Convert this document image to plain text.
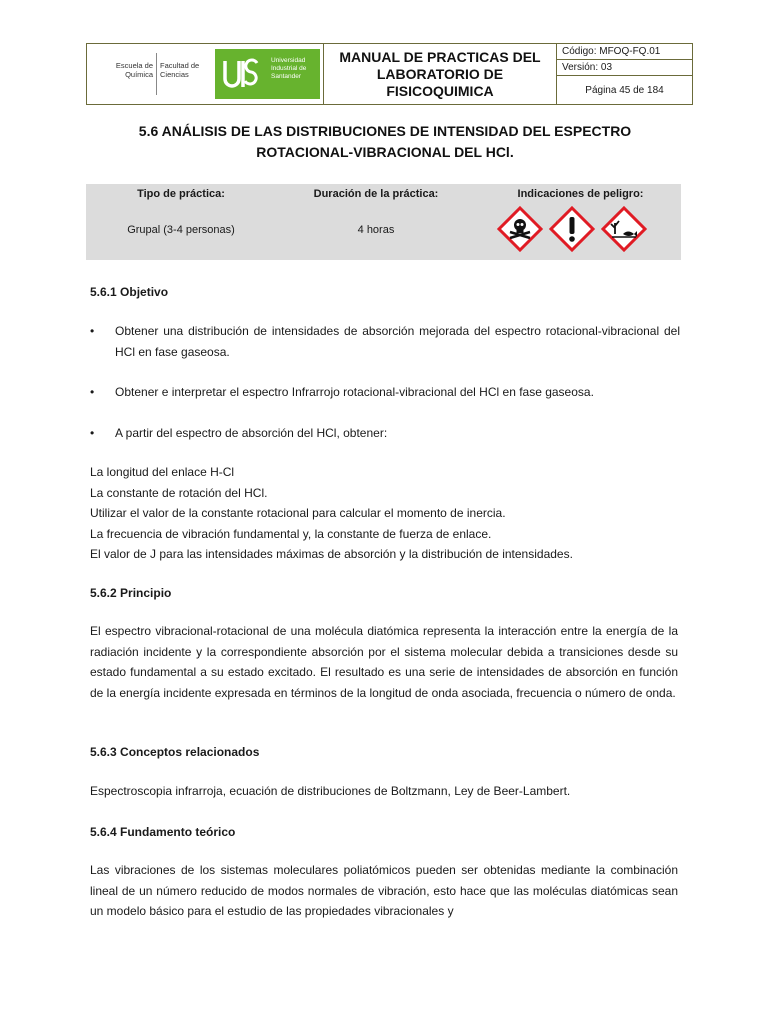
Escuela de Química
Facultad de Ciencias
Universidad Industrial de Santander
MANUAL DE PRACTICAS DEL LABORATORIO DE FISICOQUIMICA
Código: MFOQ-FQ.01
Versión: 03
Página 45 de 184
5.6 ANÁLISIS DE LAS DISTRIBUCIONES DE INTENSIDAD DEL ESPECTRO ROTACIONAL-VIBRACIONAL DEL HCl.
Tipo de práctica:
Grupal (3-4 personas)
Duración de la práctica:
4 horas
Indicaciones de peligro:
5.6.1 Objetivo
• Obtener una distribución de intensidades de absorción mejorada del espectro rotacional-vibracional del HCl en fase gaseosa.
• Obtener e interpretar el espectro Infrarrojo rotacional-vibracional del HCl en fase gaseosa.
• A partir del espectro de absorción del HCl, obtener:
La longitud del enlace H-Cl
La constante de rotación del HCl.
Utilizar el valor de la constante rotacional para calcular el momento de inercia.
La frecuencia de vibración fundamental y, la constante de fuerza de enlace.
El valor de J para las intensidades máximas de absorción y la distribución de intensidades.
5.6.2 Principio
El espectro vibracional-rotacional de una molécula diatómica representa la interacción entre la energía de la radiación incidente y la correspondiente absorción por el sistema molecular debida a transiciones desde su estado fundamental a su estado excitado. El resultado es una serie de intensidades de absorción en función de la energía incidente expresada en términos de la longitud de onda asociada, frecuencia o número de onda.
5.6.3 Conceptos relacionados
Espectroscopia infrarroja, ecuación de distribuciones de Boltzmann, Ley de Beer-Lambert.
5.6.4 Fundamento teórico
Las vibraciones de los sistemas moleculares poliatómicos pueden ser obtenidas mediante la combinación lineal de un número reducido de modos normales de vibración, esto hace que las moléculas diatómicas sean un modelo básico para el estudio de las propiedades vibracionales y
